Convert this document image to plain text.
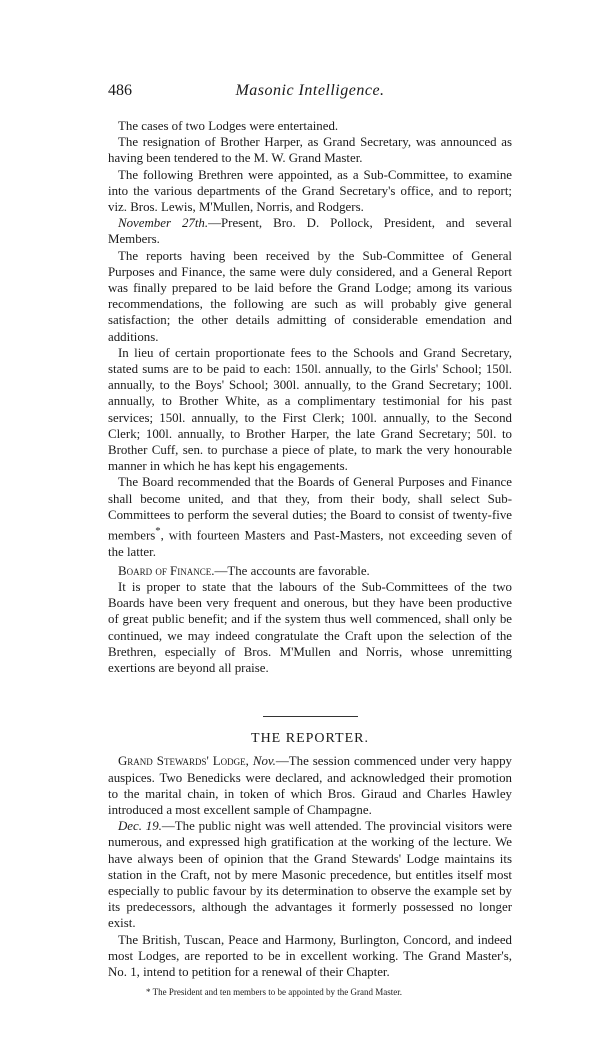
486	Masonic Intelligence.

The cases of two Lodges were entertained.

The resignation of Brother Harper, as Grand Secretary, was announced as having been tendered to the M. W. Grand Master.

The following Brethren were appointed, as a Sub-Committee, to examine into the various departments of the Grand Secretary's office, and to report; viz. Bros. Lewis, M'Mullen, Norris, and Rodgers.

November 27th.—Present, Bro. D. Pollock, President, and several Members.

The reports having been received by the Sub-Committee of General Purposes and Finance, the same were duly considered, and a General Report was finally prepared to be laid before the Grand Lodge; among its various recommendations, the following are such as will probably give general satisfaction; the other details admitting of considerable emendation and additions.

In lieu of certain proportionate fees to the Schools and Grand Secretary, stated sums are to be paid to each: 150l. annually, to the Girls' School; 150l. annually, to the Boys' School; 300l. annually, to the Grand Secretary; 100l. annually, to Brother White, as a complimentary testimonial for his past services; 150l. annually, to the First Clerk; 100l. annually, to the Second Clerk; 100l. annually, to Brother Harper, the late Grand Secretary; 50l. to Brother Cuff, sen. to purchase a piece of plate, to mark the very honourable manner in which he has kept his engagements.

The Board recommended that the Boards of General Purposes and Finance shall become united, and that they, from their body, shall select Sub-Committees to perform the several duties; the Board to consist of twenty-five members*, with fourteen Masters and Past-Masters, not exceeding seven of the latter.

Board of Finance.—The accounts are favorable.

It is proper to state that the labours of the Sub-Committees of the two Boards have been very frequent and onerous, but they have been productive of great public benefit; and if the system thus well commenced, shall only be continued, we may indeed congratulate the Craft upon the selection of the Brethren, especially of Bros. M'Mullen and Norris, whose unremitting exertions are beyond all praise.

THE REPORTER.

Grand Stewards' Lodge, Nov.—The session commenced under very happy auspices. Two Benedicks were declared, and acknowledged their promotion to the marital chain, in token of which Bros. Giraud and Charles Hawley introduced a most excellent sample of Champagne.

Dec. 19.—The public night was well attended. The provincial visitors were numerous, and expressed high gratification at the working of the lecture. We have always been of opinion that the Grand Stewards' Lodge maintains its station in the Craft, not by mere Masonic precedence, but entitles itself most especially to public favour by its determination to observe the example set by its predecessors, although the advantages it formerly possessed no longer exist.

The British, Tuscan, Peace and Harmony, Burlington, Concord, and indeed most Lodges, are reported to be in excellent working. The Grand Master's, No. 1, intend to petition for a renewal of their Chapter.

* The President and ten members to be appointed by the Grand Master.
